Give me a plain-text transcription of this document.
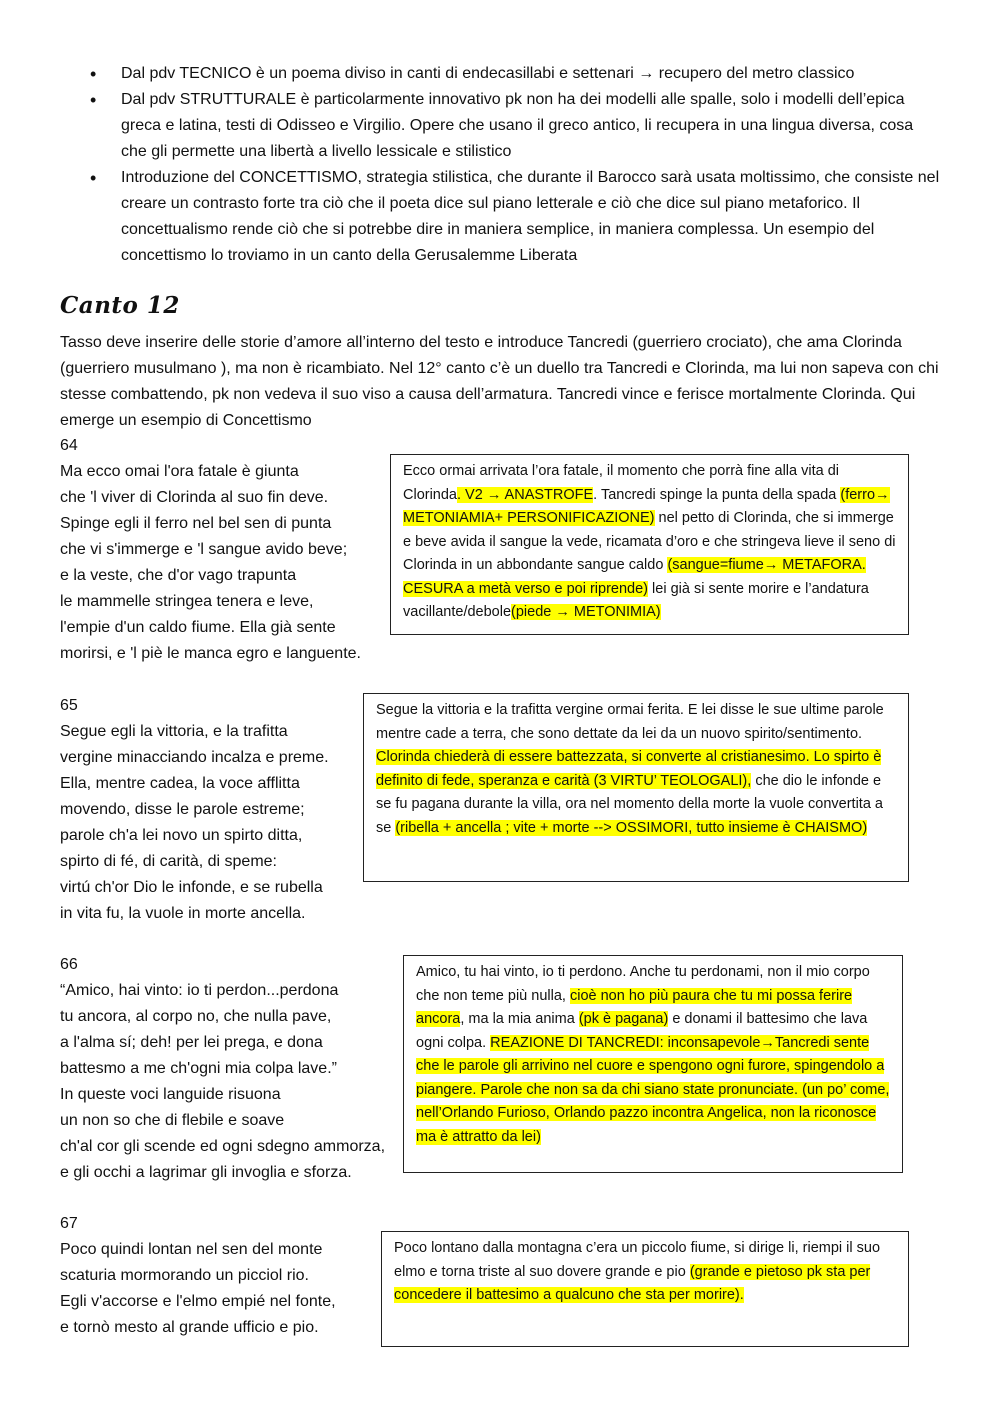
• Dal pdv TECNICO è un poema diviso in canti di endecasillabi e settenari → recupero del metro classico
• Dal pdv STRUTTURALE è particolarmente innovativo pk non ha dei modelli alle spalle, solo i modelli dell’epica greca e latina, testi di Odisseo e Virgilio. Opere che usano il greco antico, li recupera in una lingua diversa, cosa che gli permette una libertà a livello lessicale e stilistico
• Introduzione del CONCETTISMO, strategia stilistica, che durante il Barocco sarà usata moltissimo, che consiste nel creare un contrasto forte tra ciò che il poeta dice sul piano letterale e ciò che dice sul piano metaforico. Il concettualismo rende ciò che si potrebbe dire in maniera semplice, in maniera complessa. Un esempio del concettismo lo troviamo in un canto della Gerusalemme Liberata
Canto 12

Tasso deve inserire delle storie d’amore all’interno del testo e introduce Tancredi (guerriero crociato), che ama Clorinda (guerriero musulmano ), ma non è ricambiato. Nel 12° canto c’è un duello tra Tancredi e Clorinda, ma lui non sapeva con chi stesse combattendo, pk non vedeva il suo viso a causa dell’armatura. Tancredi vince e ferisce mortalmente Clorinda. Qui emerge un esempio di Concettismo

64
Ma ecco omai l'ora fatale è giunta
che 'l viver di Clorinda al suo fin deve.
Spinge egli il ferro nel bel sen di punta
che vi s'immerge e 'l sangue avido beve;
e la veste, che d'or vago trapunta
le mammelle stringea tenera e leve,
l'empie d'un caldo fiume. Ella già sente
morirsi, e 'l piè le manca egro e languente.
Ecco ormai arrivata l’ora fatale, il momento che porrà fine alla vita di Clorinda. V2 → ANASTROFE. Tancredi spinge la punta della spada (ferro→ METONIAMIA+ PERSONIFICAZIONE) nel petto di Clorinda, che si immerge e beve avida il sangue la vede, ricamata d’oro e che stringeva lieve il seno di Clorinda in un abbondante sangue caldo (sangue=fiume→ METAFORA. CESURA a metà verso e poi riprende) lei già si sente morire e l’andatura vacillante/debole(piede → METONIMIA)
65
Segue egli la vittoria, e la trafitta
vergine minacciando incalza e preme.
Ella, mentre cadea, la voce afflitta
movendo, disse le parole estreme;
parole ch'a lei novo un spirto ditta,
spirto di fé, di carità, di speme:
virtú ch'or Dio le infonde, e se rubella
in vita fu, la vuole in morte ancella.
Segue la vittoria e la trafitta vergine ormai ferita. E lei disse le sue ultime parole mentre cade a terra, che sono dettate da lei da un nuovo spirito/sentimento. Clorinda chiederà di essere battezzata, si converte al cristianesimo. Lo spirto è definito di fede, speranza e carità (3 VIRTU’ TEOLOGALI), che dio le infonde e se fu pagana durante la villa, ora nel momento della morte la vuole convertita a se (ribella + ancella ; vite + morte --> OSSIMORI, tutto insieme è CHAISMO)
66
“Amico, hai vinto: io ti perdon...perdona
tu ancora, al corpo no, che nulla pave,
a l'alma sí; deh! per lei prega, e dona
battesmo a me ch'ogni mia colpa lave.”
In queste voci languide risuona
un non so che di flebile e soave
ch'al cor gli scende ed ogni sdegno ammorza,
e gli occhi a lagrimar gli invoglia e sforza.
Amico, tu hai vinto, io ti perdono. Anche tu perdonami, non il mio corpo che non teme più nulla, cioè non ho più paura che tu mi possa ferire ancora, ma la mia anima (pk è pagana) e donami il battesimo che lava ogni colpa. REAZIONE DI TANCREDI: inconsapevole→Tancredi sente che le parole gli arrivino nel cuore e spengono ogni furore, spingendolo a piangere. Parole che non sa da chi siano state pronunciate. (un po’ come, nell’Orlando Furioso, Orlando pazzo incontra Angelica, non la riconosce ma è attratto da lei)
67
Poco quindi lontan nel sen del monte
scaturia mormorando un picciol rio.
Egli v'accorse e l'elmo empié nel fonte,
e tornò mesto al grande ufficio e pio.
Poco lontano dalla montagna c’era un piccolo fiume, si dirige li, riempi il suo elmo e torna triste al suo dovere grande e pio (grande e pietoso pk sta per concedere il battesimo a qualcuno che sta per morire).
